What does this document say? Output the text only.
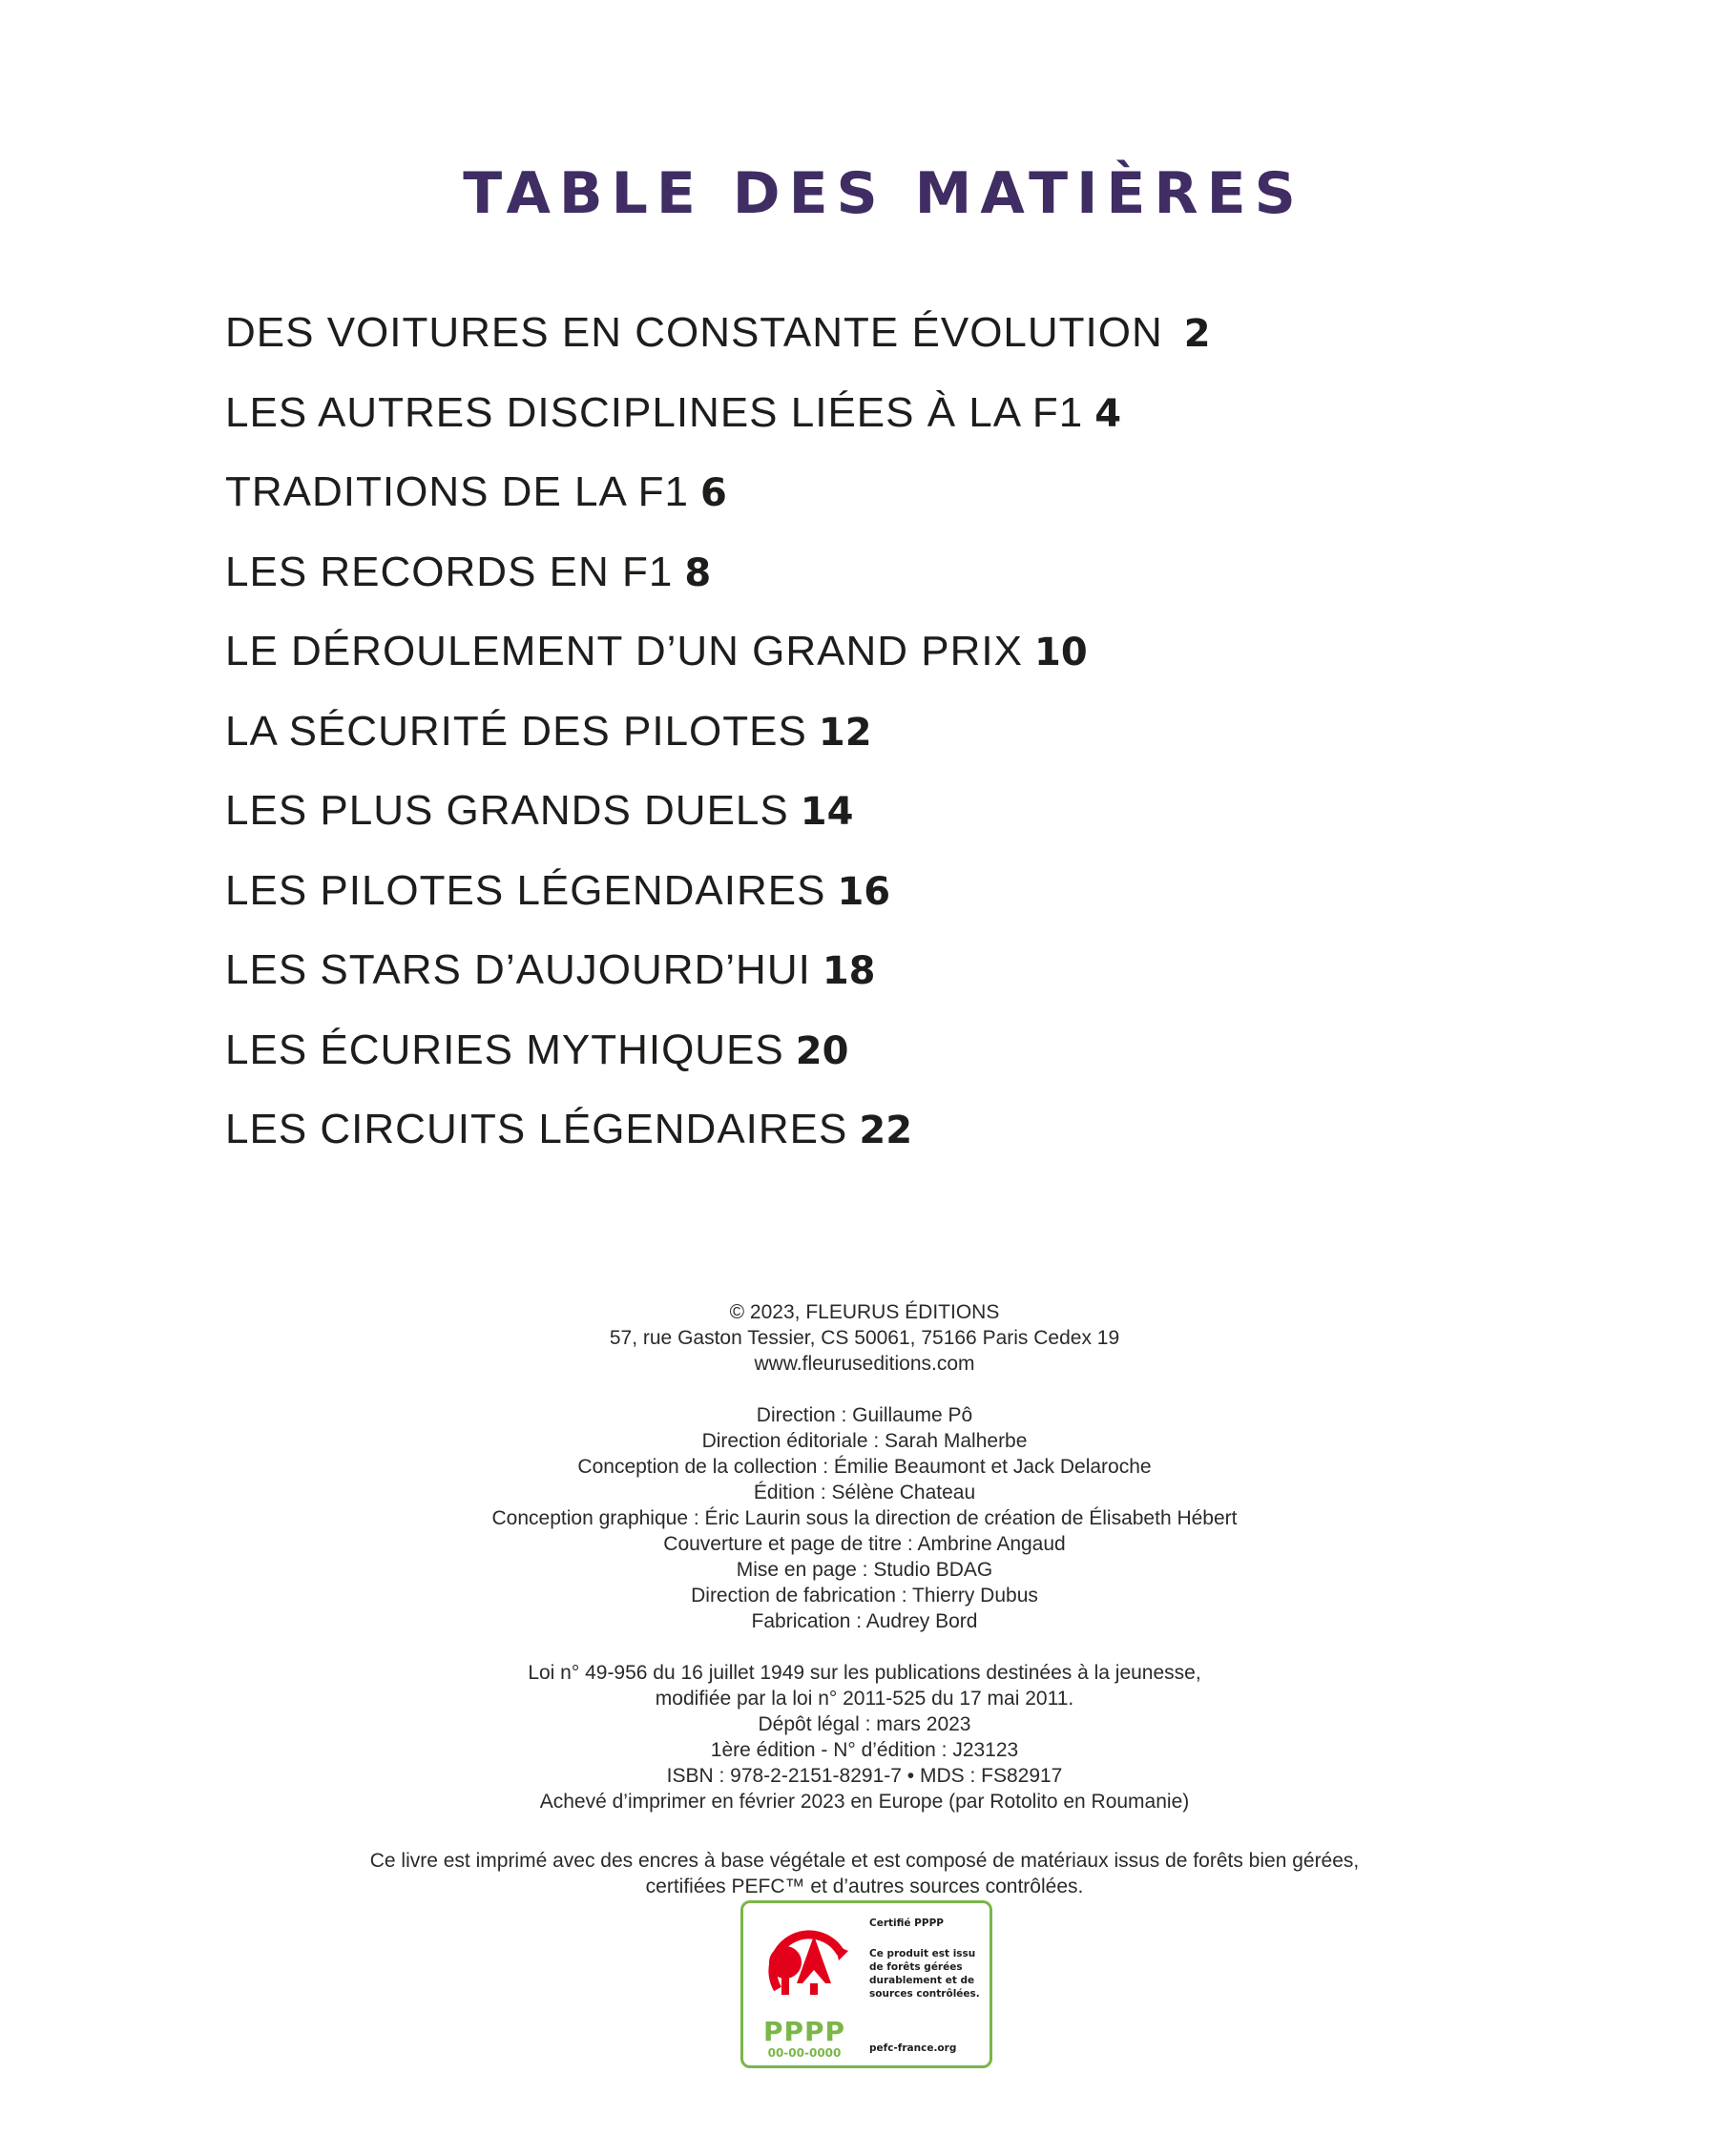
TABLE DES MATIÈRES
DES VOITURES EN CONSTANTE ÉVOLUTION 2
LES AUTRES DISCIPLINES LIÉES À LA F1 4
TRADITIONS DE LA F1 6
LES RECORDS EN F1 8
LE DÉROULEMENT D’UN GRAND PRIX 10
LA SÉCURITÉ DES PILOTES 12
LES PLUS GRANDS DUELS 14
LES PILOTES LÉGENDAIRES 16
LES STARS D’AUJOURD’HUI 18
LES ÉCURIES MYTHIQUES 20
LES CIRCUITS LÉGENDAIRES 22
© 2023, FLEURUS ÉDITIONS
57, rue Gaston Tessier, CS 50061, 75166 Paris Cedex 19
www.fleuruseditions.com
Direction : Guillaume Pô
Direction éditoriale : Sarah Malherbe
Conception de la collection : Émilie Beaumont et Jack Delaroche
Édition : Sélène Chateau
Conception graphique : Éric Laurin sous la direction de création de Élisabeth Hébert
Couverture et page de titre : Ambrine Angaud
Mise en page : Studio BDAG
Direction de fabrication : Thierry Dubus
Fabrication : Audrey Bord
Loi n° 49-956 du 16 juillet 1949 sur les publications destinées à la jeunesse,
modifiée par la loi n° 2011-525 du 17 mai 2011.
Dépôt légal : mars 2023
1ère édition - N° d’édition : J23123
ISBN : 978-2-2151-8291-7 • MDS : FS82917
Achevé d’imprimer en février 2023 en Europe (par Rotolito en Roumanie)
Ce livre est imprimé avec des encres à base végétale et est composé de matériaux issus de forêts bien gérées,
certifiées PEFC™ et d’autres sources contrôlées.
PPPP
00-00-0000
Certifié PPPP
Ce produit est issu
de forêts gérées
durablement et de
sources contrôlées.
pefc-france.org
